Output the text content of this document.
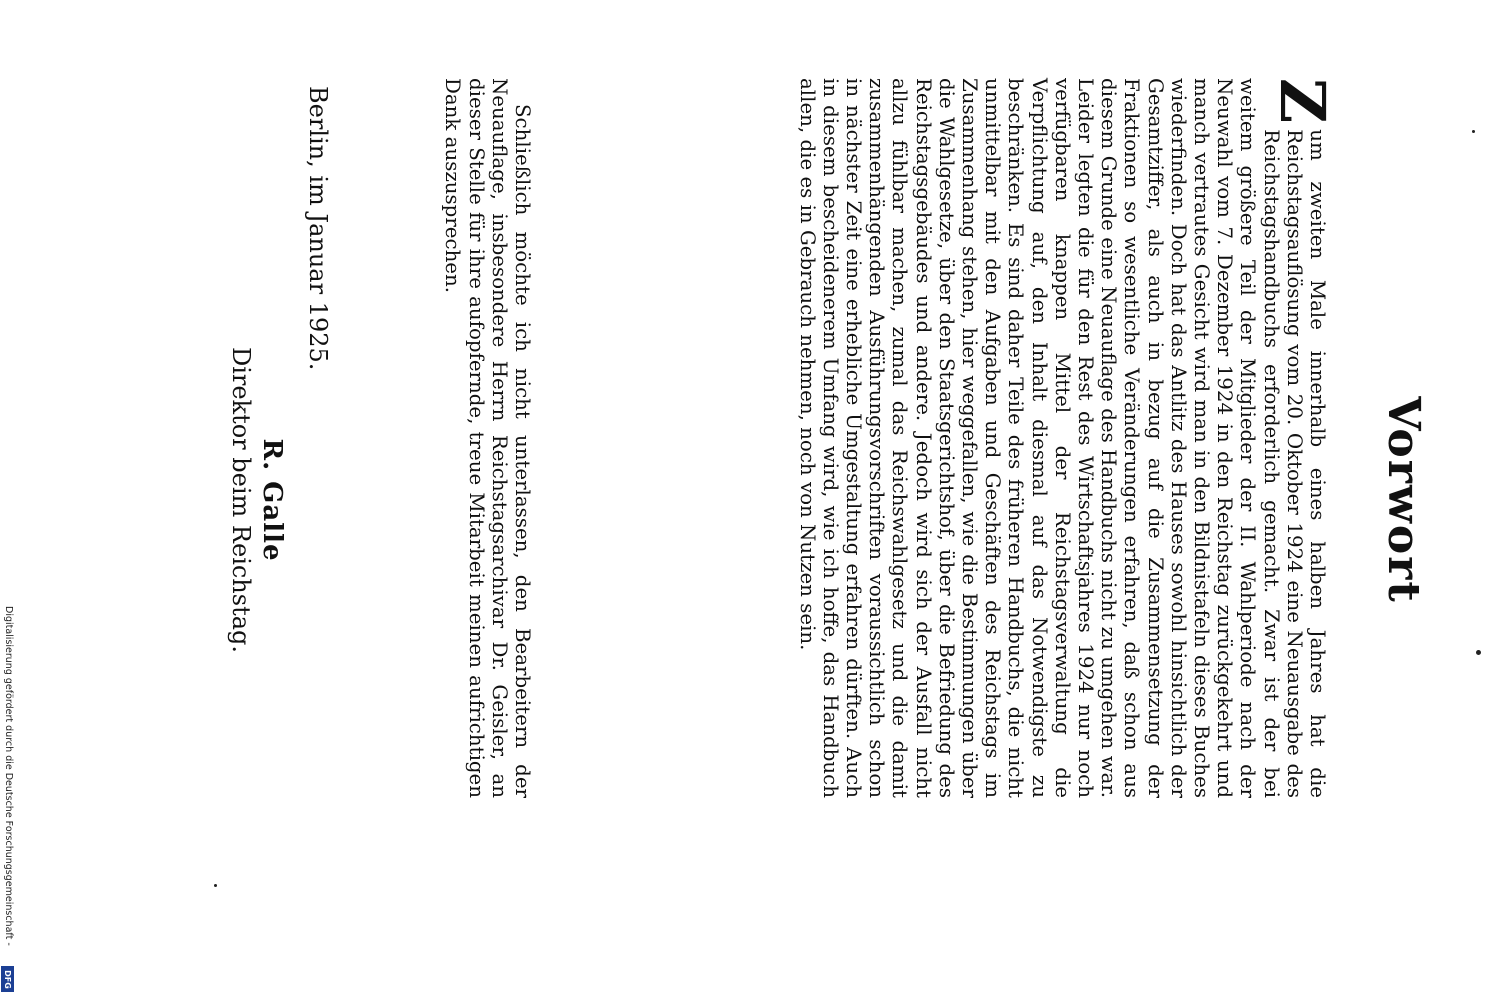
Vorwort

Z
um zweiten Male innerhalb eines halben Jahres hat die Reichstagsauflösung vom 20. Oktober 1924 eine Neuausgabe des Reichstagshandbuchs erforderlich gemacht. Zwar ist der bei weitem größere Teil der Mitglieder der II. Wahlperiode nach der Neuwahl vom 7. Dezember 1924 in den Reichstag zurückgekehrt und manch vertrautes Gesicht wird man in den Bildnistafeln dieses Buches wiederfinden. Doch hat das Antlitz des Hauses sowohl hinsichtlich der Gesamtziffer, als auch in bezug auf die Zusammensetzung der Fraktionen so wesentliche Veränderungen erfahren, daß schon aus diesem Grunde eine Neuauflage des Handbuchs nicht zu umgehen war. Leider legten die für den Rest des Wirtschaftsjahres 1924 nur noch verfügbaren knappen Mittel der Reichstagsverwaltung die Verpflichtung auf, den Inhalt diesmal auf das Notwendigste zu beschränken. Es sind daher Teile des früheren Handbuchs, die nicht unmittelbar mit den Aufgaben und Geschäften des Reichstags im Zusammenhang stehen, hier weggefallen, wie die Bestimmungen über die Wahlgesetze, über den Staatsgerichtshof, über die Befriedung des Reichstagsgebäudes und andere. Jedoch wird sich der Ausfall nicht allzu fühlbar machen, zumal das Reichswahlgesetz und die damit zusammenhängenden Ausführungsvorschriften voraussichtlich schon in nächster Zeit eine erhebliche Umgestaltung erfahren dürften. Auch in diesem bescheidenerem Umfang wird, wie ich hoffe, das Handbuch allen, die es in Gebrauch nehmen, noch von Nutzen sein.

Schließlich möchte ich nicht unterlassen, den Bearbeitern der Neuauflage, insbesondere Herrn Reichstagsarchivar Dr. Geisler, an dieser Stelle für ihre aufopfernde, treue Mitarbeit meinen aufrichtigen Dank auszusprechen.

Berlin, im Januar 1925.
R. Galle
Direktor beim Reichstag.
Digitalisierung gefördert durch die Deutsche Forschungsgemeinschaft -
DFG
